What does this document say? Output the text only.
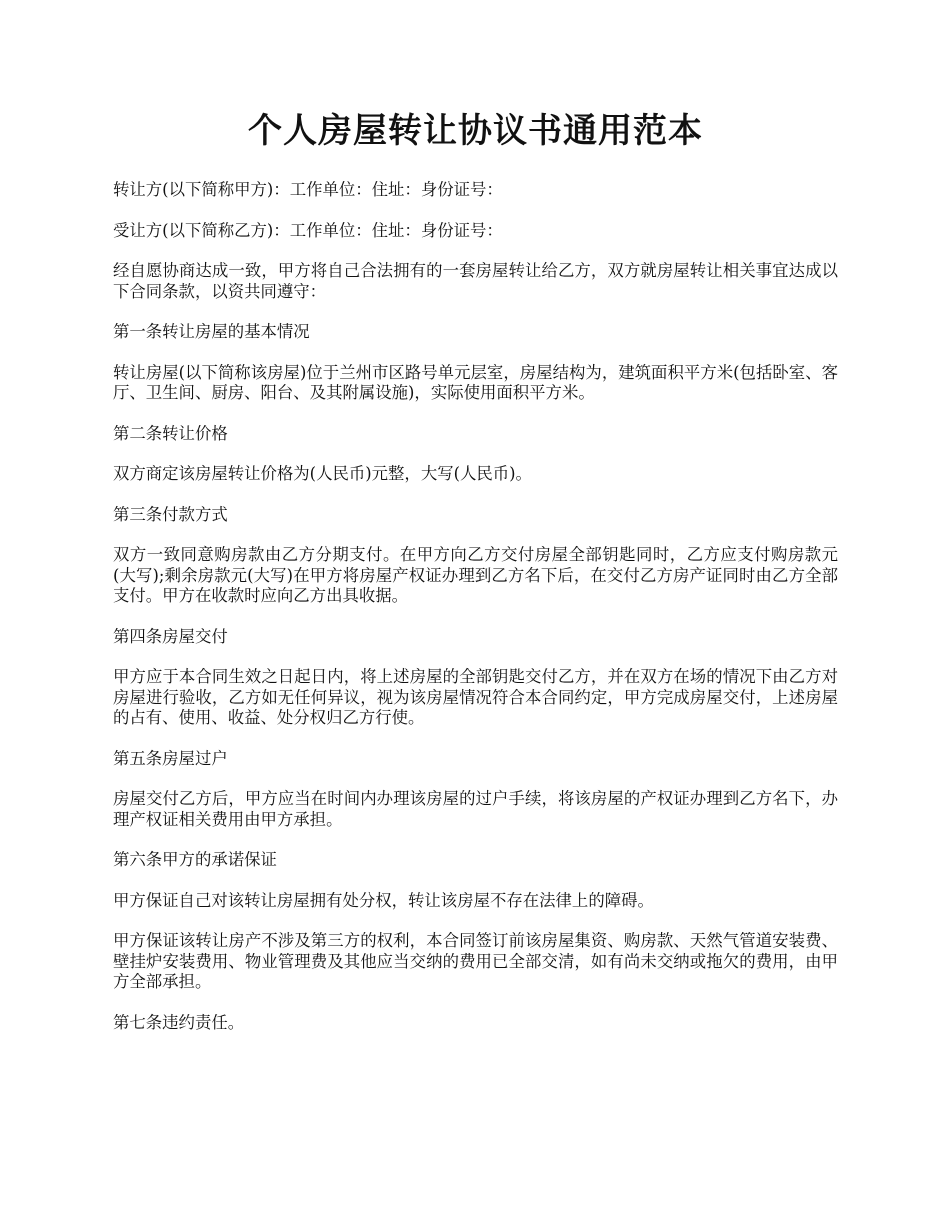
个人房屋转让协议书通用范本

转让方(以下简称甲方)：工作单位：住址：身份证号：

受让方(以下简称乙方)：工作单位：住址：身份证号：

经自愿协商达成一致，甲方将自己合法拥有的一套房屋转让给乙方，双方就房屋转让相关事宜达成以下合同条款，以资共同遵守：

第一条转让房屋的基本情况

转让房屋(以下简称该房屋)位于兰州市区路号单元层室，房屋结构为，建筑面积平方米(包括卧室、客厅、卫生间、厨房、阳台、及其附属设施)，实际使用面积平方米。

第二条转让价格

双方商定该房屋转让价格为(人民币)元整，大写(人民币)。

第三条付款方式

双方一致同意购房款由乙方分期支付。在甲方向乙方交付房屋全部钥匙同时，乙方应支付购房款元(大写);剩余房款元(大写)在甲方将房屋产权证办理到乙方名下后，在交付乙方房产证同时由乙方全部支付。甲方在收款时应向乙方出具收据。

第四条房屋交付

甲方应于本合同生效之日起日内，将上述房屋的全部钥匙交付乙方，并在双方在场的情况下由乙方对房屋进行验收，乙方如无任何异议，视为该房屋情况符合本合同约定，甲方完成房屋交付，上述房屋的占有、使用、收益、处分权归乙方行使。

第五条房屋过户

房屋交付乙方后，甲方应当在时间内办理该房屋的过户手续，将该房屋的产权证办理到乙方名下，办理产权证相关费用由甲方承担。

第六条甲方的承诺保证

甲方保证自己对该转让房屋拥有处分权，转让该房屋不存在法律上的障碍。

甲方保证该转让房产不涉及第三方的权利，本合同签订前该房屋集资、购房款、天然气管道安装费、壁挂炉安装费用、物业管理费及其他应当交纳的费用已全部交清，如有尚未交纳或拖欠的费用，由甲方全部承担。

第七条违约责任。
